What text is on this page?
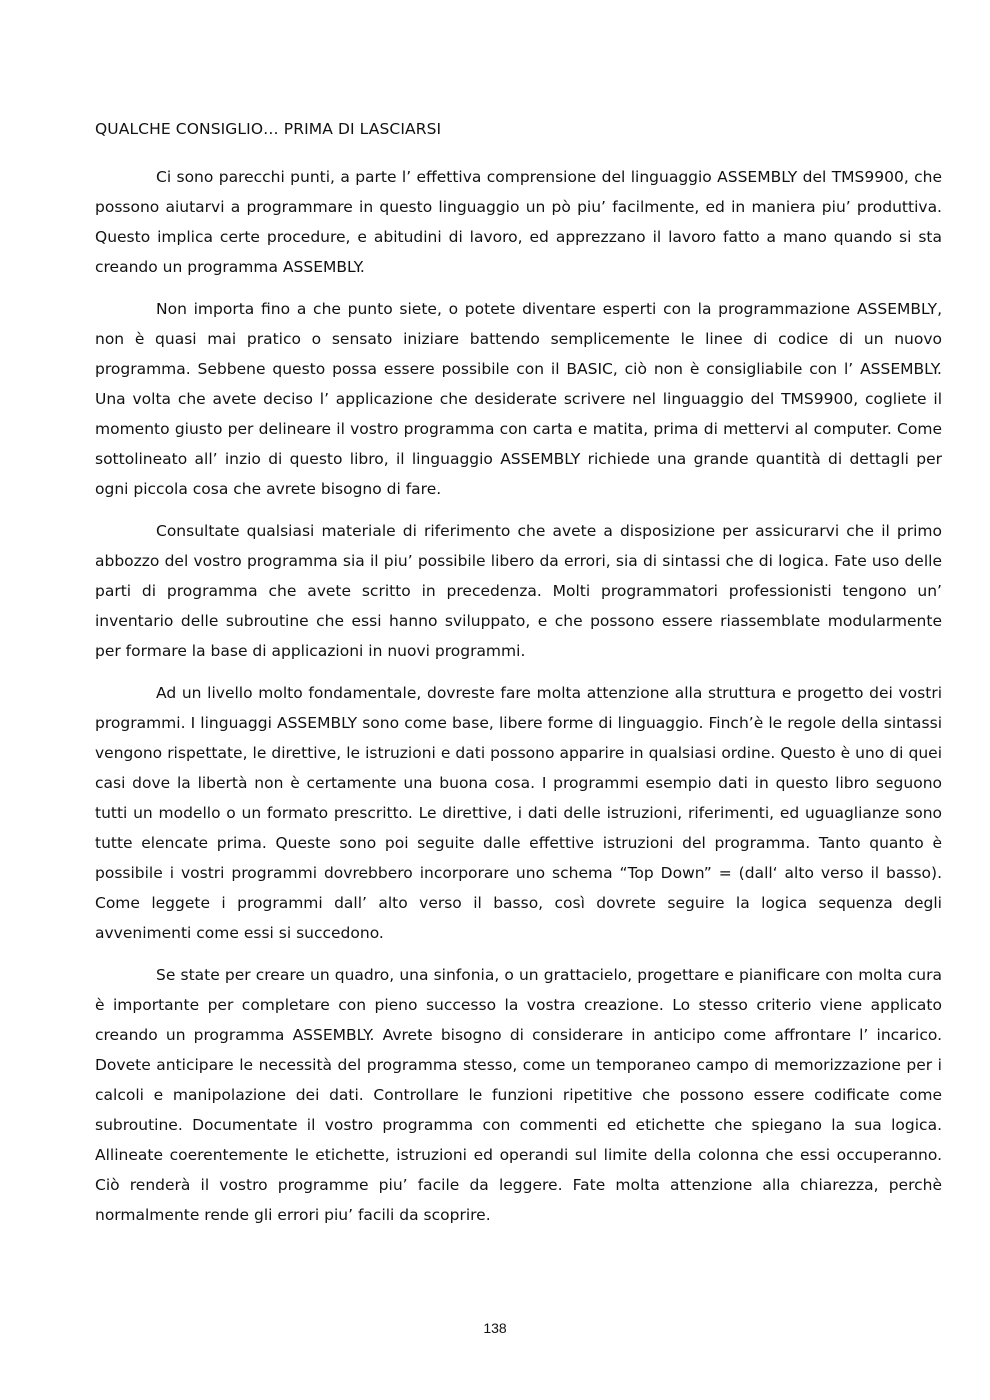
QUALCHE CONSIGLIO… PRIMA DI LASCIARSI

Ci sono parecchi punti, a parte l’ effettiva comprensione del linguaggio ASSEMBLY del TMS9900, che possono aiutarvi a programmare in questo linguaggio un pò piu’ facilmente, ed in maniera piu’ produttiva. Questo implica certe procedure, e abitudini di lavoro, ed apprezzano il lavoro fatto a mano quando si sta creando un programma ASSEMBLY.

Non importa fino a che punto siete, o potete diventare esperti con la programmazione ASSEMBLY, non è quasi mai pratico o sensato iniziare battendo semplicemente le linee di codice di un nuovo programma. Sebbene questo possa essere possibile con il BASIC, ciò non è consigliabile con l’ ASSEMBLY. Una volta che avete deciso l’ applicazione che desiderate scrivere nel linguaggio del TMS9900, cogliete il momento giusto per delineare il vostro programma con carta e matita, prima di mettervi al computer. Come sottolineato all’ inzio di questo libro, il linguaggio ASSEMBLY richiede una grande quantità di dettagli per ogni piccola cosa che avrete bisogno di fare.

Consultate qualsiasi materiale di riferimento che avete a disposizione per assicurarvi che il primo abbozzo del vostro programma sia il piu’ possibile libero da errori, sia di sintassi che di logica. Fate uso delle parti di programma che avete scritto in precedenza. Molti programmatori professionisti tengono un’ inventario delle subroutine che essi hanno sviluppato, e che possono essere riassemblate modularmente per formare la base di applicazioni in nuovi programmi.

Ad un livello molto fondamentale, dovreste fare molta attenzione alla struttura e progetto dei vostri programmi. I linguaggi ASSEMBLY sono come base, libere forme di linguaggio. Finch’è le regole della sintassi vengono rispettate, le direttive, le istruzioni e dati possono apparire in qualsiasi ordine. Questo è uno di quei casi dove la libertà non è certamente una buona cosa. I programmi esempio dati in questo libro seguono tutti un modello o un formato prescritto. Le direttive, i dati delle istruzioni, riferimenti, ed uguaglianze sono tutte elencate prima. Queste sono poi seguite dalle effettive istruzioni del programma. Tanto quanto è possibile i vostri programmi dovrebbero incorporare uno schema “Top Down” = (dall‘ alto verso il basso). Come leggete i programmi dall’ alto verso il basso, così dovrete seguire la logica sequenza degli avvenimenti come essi si succedono.

Se state per creare un quadro, una sinfonia, o un grattacielo, progettare e pianificare con molta cura è importante per completare con pieno successo la vostra creazione. Lo stesso criterio viene applicato creando un programma ASSEMBLY. Avrete bisogno di considerare in anticipo come affrontare l’ incarico. Dovete anticipare le necessità del programma stesso, come un temporaneo campo di memorizzazione per i calcoli e manipolazione dei dati. Controllare le funzioni ripetitive che possono essere codificate come subroutine. Documentate il vostro programma con commenti ed etichette che spiegano la sua logica. Allineate coerentemente le etichette, istruzioni ed operandi sul limite della colonna che essi occuperanno. Ciò renderà il vostro programme piu’ facile da leggere. Fate molta attenzione alla chiarezza, perchè normalmente rende gli errori piu’ facili da scoprire.

138
